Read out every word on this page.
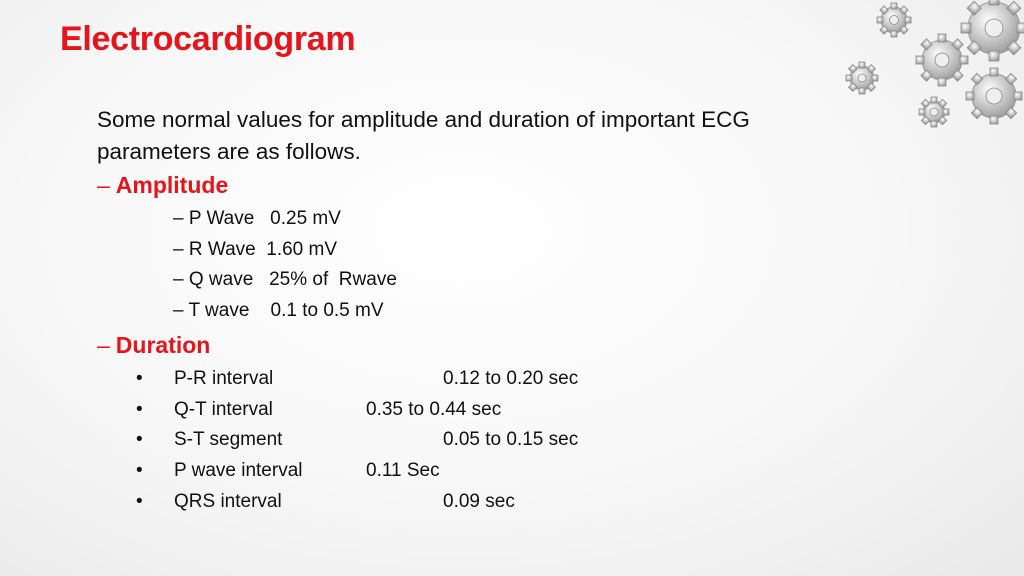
Electrocardiogram
Some normal values for amplitude and duration of important ECG parameters are as follows.
– Amplitude
– P Wave   0.25 mV
– R Wave  1.60 mV
– Q wave   25% of  Rwave
– T wave    0.1 to 0.5 mV
– Duration
• P-R interval	0.12 to 0.20 sec
• Q-T interval	0.35 to 0.44 sec
• S-T segment	0.05 to 0.15 sec
• P wave interval	0.11 Sec
• QRS interval	0.09 sec
